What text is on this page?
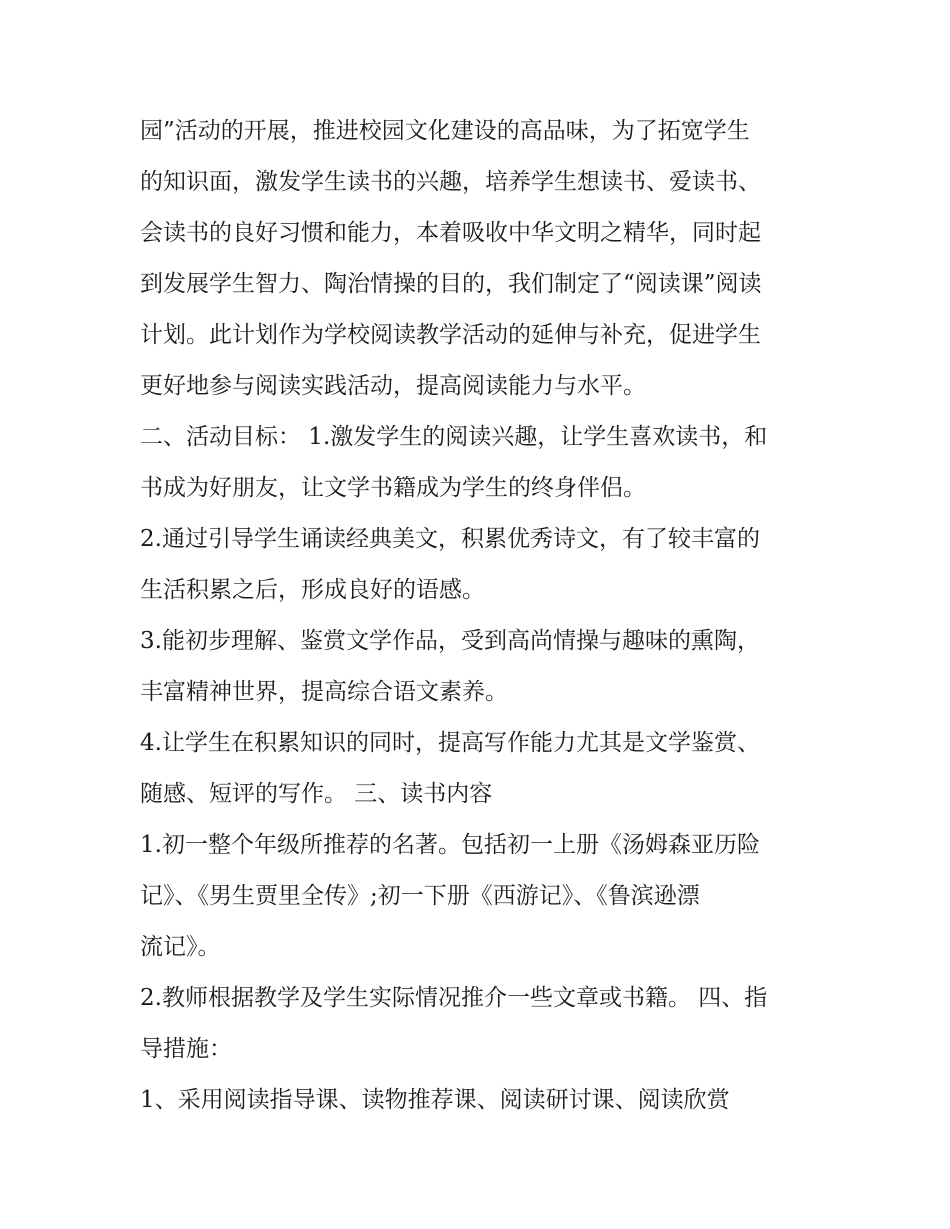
园”活动的开展，推进校园文化建设的高品味，为了拓宽学生
的知识面，激发学生读书的兴趣，培养学生想读书、爱读书、
会读书的良好习惯和能力，本着吸收中华文明之精华，同时起
到发展学生智力、陶治情操的目的，我们制定了“阅读课”阅读
计划。此计划作为学校阅读教学活动的延伸与补充，促进学生
更好地参与阅读实践活动，提高阅读能力与水平。
二、活动目标： 1.激发学生的阅读兴趣，让学生喜欢读书，和
书成为好朋友，让文学书籍成为学生的终身伴侣。
2.通过引导学生诵读经典美文，积累优秀诗文，有了较丰富的
生活积累之后，形成良好的语感。
3.能初步理解、鉴赏文学作品，受到高尚情操与趣味的熏陶，
丰富精神世界，提高综合语文素养。
4.让学生在积累知识的同时，提高写作能力尤其是文学鉴赏、
随感、短评的写作。 三、读书内容
1.初一整个年级所推荐的名著。包括初一上册《汤姆森亚历险
记》、《男生贾里全传》;初一下册《西游记》、《鲁滨逊漂
流记》。
2.教师根据教学及学生实际情况推介一些文章或书籍。 四、指
导措施：
1、采用阅读指导课、读物推荐课、阅读研讨课、阅读欣赏
